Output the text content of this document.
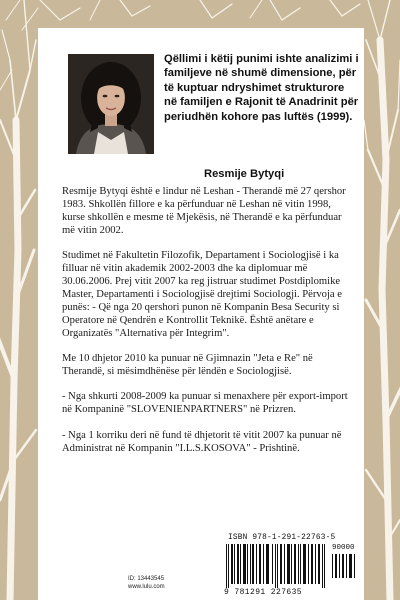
Qëllimi i këtij punimi ishte analizimi i familjeve në shumë dimensione, për të kuptuar ndryshimet strukturore në familjen e Rajonit të Anadrinit për periudhën kohore pas luftës (1999).
Resmije Bytyqi

Resmije Bytyqi është e lindur në Leshan - Therandë më 27 qershor 1983. Shkollën fillore e ka përfunduar në Leshan në vitin 1998, kurse shkollën e mesme të Mjekësis, në Therandë e ka përfunduar më vitin 2002.

Studimet në Fakultetin Filozofik, Departament i Sociologjisë i ka filluar në vitin akademik 2002-2003 dhe ka diplomuar më 30.06.2006. Prej vitit 2007 ka reg jistruar studimet Postdiplomike Master, Departamenti i Sociologjisë drejtimi Sociologji. Përvoja e punës: - Që nga 20 qershori punon në Kompanin Besa Security si Operatore në Qendrën e Kontrollit Teknikë. Është anëtare e Organizatës "Alternativa për Integrim".

Me 10 dhjetor 2010 ka punuar në Gjimnazin "Jeta e Re" në Therandë, si mësimdhënëse për lëndën e Sociologjisë.

- Nga shkurti 2008-2009 ka punuar si menaxhere për export-import në Kompaninë "SLOVENIENPARTNERS" në Prizren.

- Nga 1 korriku deri në fund të dhjetorit të vitit 2007 ka punuar në Administrat në Kompanin "I.L.S.KOSOVA" - Prishtinë.

ID: 13443545
www.lulu.com
ISBN 978-1-291-22763-5
90000
9 781291 227635
